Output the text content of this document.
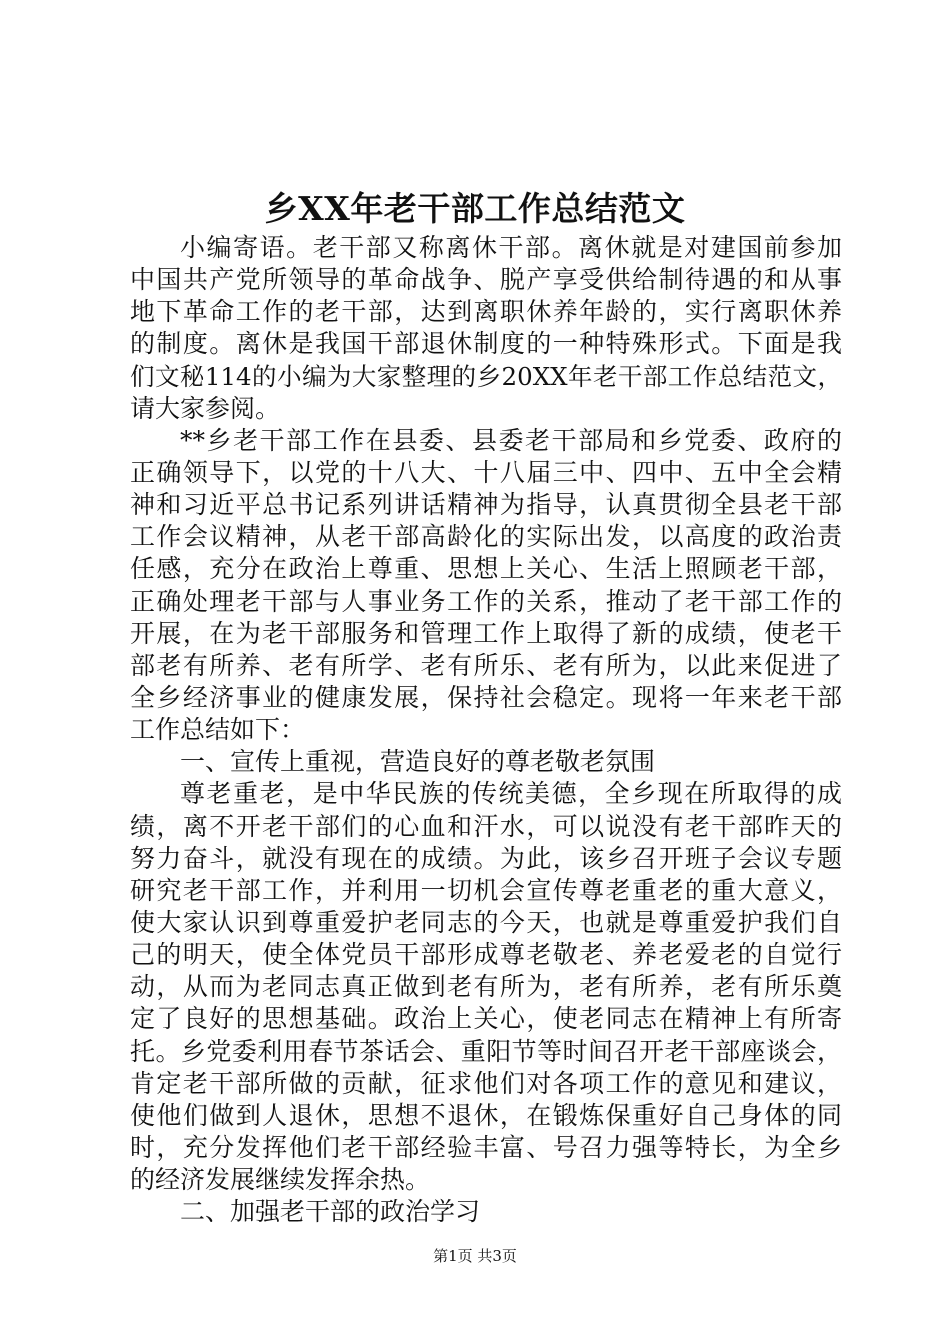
乡XX年老干部工作总结范文
小编寄语。老干部又称离休干部。离休就是对建国前参加
中国共产党所领导的革命战争、脱产享受供给制待遇的和从事
地下革命工作的老干部，达到离职休养年龄的，实行离职休养
的制度。离休是我国干部退休制度的一种特殊形式。下面是我
们文秘114的小编为大家整理的乡20XX年老干部工作总结范文，
请大家参阅。
**乡老干部工作在县委、县委老干部局和乡党委、政府的
正确领导下，以党的十八大、十八届三中、四中、五中全会精
神和习近平总书记系列讲话精神为指导，认真贯彻全县老干部
工作会议精神，从老干部高龄化的实际出发，以高度的政治责
任感，充分在政治上尊重、思想上关心、生活上照顾老干部，
正确处理老干部与人事业务工作的关系，推动了老干部工作的
开展，在为老干部服务和管理工作上取得了新的成绩，使老干
部老有所养、老有所学、老有所乐、老有所为，以此来促进了
全乡经济事业的健康发展，保持社会稳定。现将一年来老干部
工作总结如下：
一、宣传上重视，营造良好的尊老敬老氛围
尊老重老，是中华民族的传统美德，全乡现在所取得的成
绩，离不开老干部们的心血和汗水，可以说没有老干部昨天的
努力奋斗，就没有现在的成绩。为此，该乡召开班子会议专题
研究老干部工作，并利用一切机会宣传尊老重老的重大意义，
使大家认识到尊重爱护老同志的今天，也就是尊重爱护我们自
己的明天，使全体党员干部形成尊老敬老、养老爱老的自觉行
动，从而为老同志真正做到老有所为，老有所养，老有所乐奠
定了良好的思想基础。政治上关心，使老同志在精神上有所寄
托。乡党委利用春节茶话会、重阳节等时间召开老干部座谈会，
肯定老干部所做的贡献，征求他们对各项工作的意见和建议，
使他们做到人退休，思想不退休，在锻炼保重好自己身体的同
时，充分发挥他们老干部经验丰富、号召力强等特长，为全乡
的经济发展继续发挥余热。
二、加强老干部的政治学习
第1页 共3页
